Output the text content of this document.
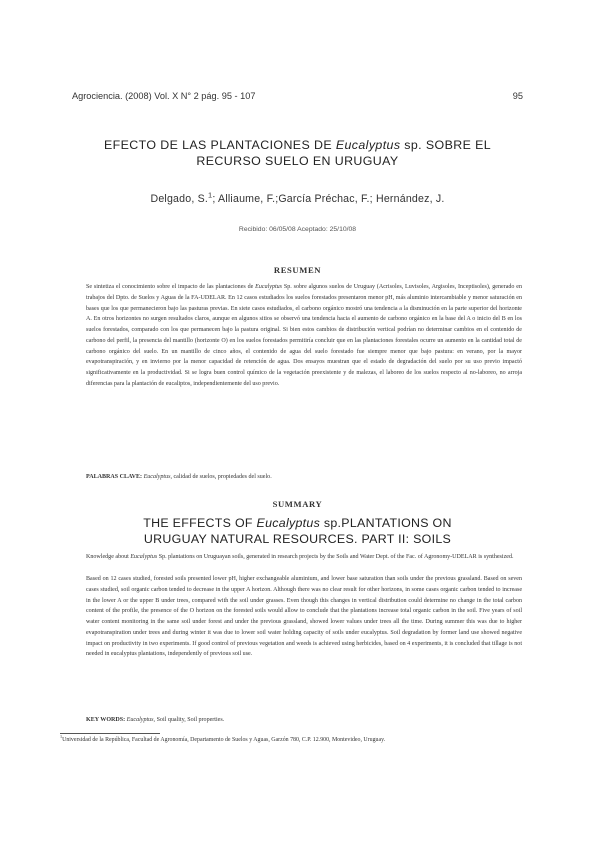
Agrociencia. (2008) Vol. X N° 2 pág. 95 - 107	95
EFECTO DE LAS PLANTACIONES DE Eucalyptus sp. SOBRE EL
RECURSO SUELO EN URUGUAY
Delgado, S.$^1$; Alliaume, F.;García Préchac, F.; Hernández, J.
Recibido: 06/05/08 Aceptado: 25/10/08
RESUMEN

Se sintetiza el conocimiento sobre el impacto de las plantaciones de Eucalyptus Sp. sobre algunos suelos de Uruguay (Acrisoles, Luvisoles, Argisoles, Inceptisoles), generado en trabajos del Dpto. de Suelos y Aguas de la FA-UDELAR. En 12 casos estudiados los suelos forestados presentaron menor pH, más aluminio intercambiable y menor saturación en bases que los que permanecieron bajo las pasturas previas. En siete casos estudiados, el carbono orgánico mostró una tendencia a la disminución en la parte superior del horizonte A. En otros horizontes no surgen resultados claros, aunque en algunos sitios se observó una tendencia hacia el aumento de carbono orgánico en la base del A o inicio del B en los suelos forestados, comparado con los que permanecen bajo la pastura original. Si bien estos cambios de distribución vertical podrían no determinar cambios en el contenido de carbono del perfil, la presencia del mantillo (horizonte O) en los suelos forestados permitiría concluir que en las plantaciones forestales ocurre un aumento en la cantidad total de carbono orgánico del suelo. En un mantillo de cinco años, el contenido de agua del suelo forestado fue siempre menor que bajo pastura: en verano, por la mayor evapotranspiración, y en invierno por la menor capacidad de retención de agua. Dos ensayos muestran que el estado de degradación del suelo por su uso previo impactó significativamente en la productividad. Si se logra buen control químico de la vegetación preexistente y de malezas, el laboreo de los suelos respecto al no-laboreo, no arroja diferencias para la plantación de eucaliptos, independientemente del uso previo.

PALABRAS CLAVE: Eucalyptus, calidad de suelos, propiedades del suelo.

SUMMARY
THE EFFECTS OF Eucalyptus sp.PLANTATIONS ON
URUGUAY NATURAL RESOURCES. PART II: SOILS

Knowledge about Eucalyptus Sp. plantations on Uruguayan soils, generated in research projects by the Soils and Water Dept. of the Fac. of Agronomy-UDELAR is synthesized.

Based on 12 cases studied, forested soils presented lower pH, higher exchangeable aluminium, and lower base saturation than soils under the previous grassland. Based on seven cases studied, soil organic carbon tended to decrease in the upper A horizon. Although there was no clear result for other horizons, in some cases organic carbon tended to increase in the lower A or the upper B under trees, compared with the soil under grasses. Even though this changes in vertical distribution could determine no change in the total carbon content of the profile, the presence of the O horizon on the forested soils would allow to conclude that the plantations increase total organic carbon in the soil. Five years of soil water content monitoring in the same soil under forest and under the previous grassland, showed lower values under trees all the time. During summer this was due to higher evapotranspiration under trees and during winter it was due to lower soil water holding capacity of soils under eucalyptus. Soil degradation by former land use showed negative impact on productivity in two experiments. If good control of previous vegetation and weeds is achieved using herbicides, based on 4 experiments, it is concluded that tillage is not needed in eucalyptus plantations, independently of previous soil use.

KEY WORDS: Eucalyptus, Soil quality, Soil properties.

$^1$Universidad de la República, Facultad de Agronomía, Departamento de Suelos y Aguas, Garzón 780, C.P. 12.900, Montevideo, Uruguay.
